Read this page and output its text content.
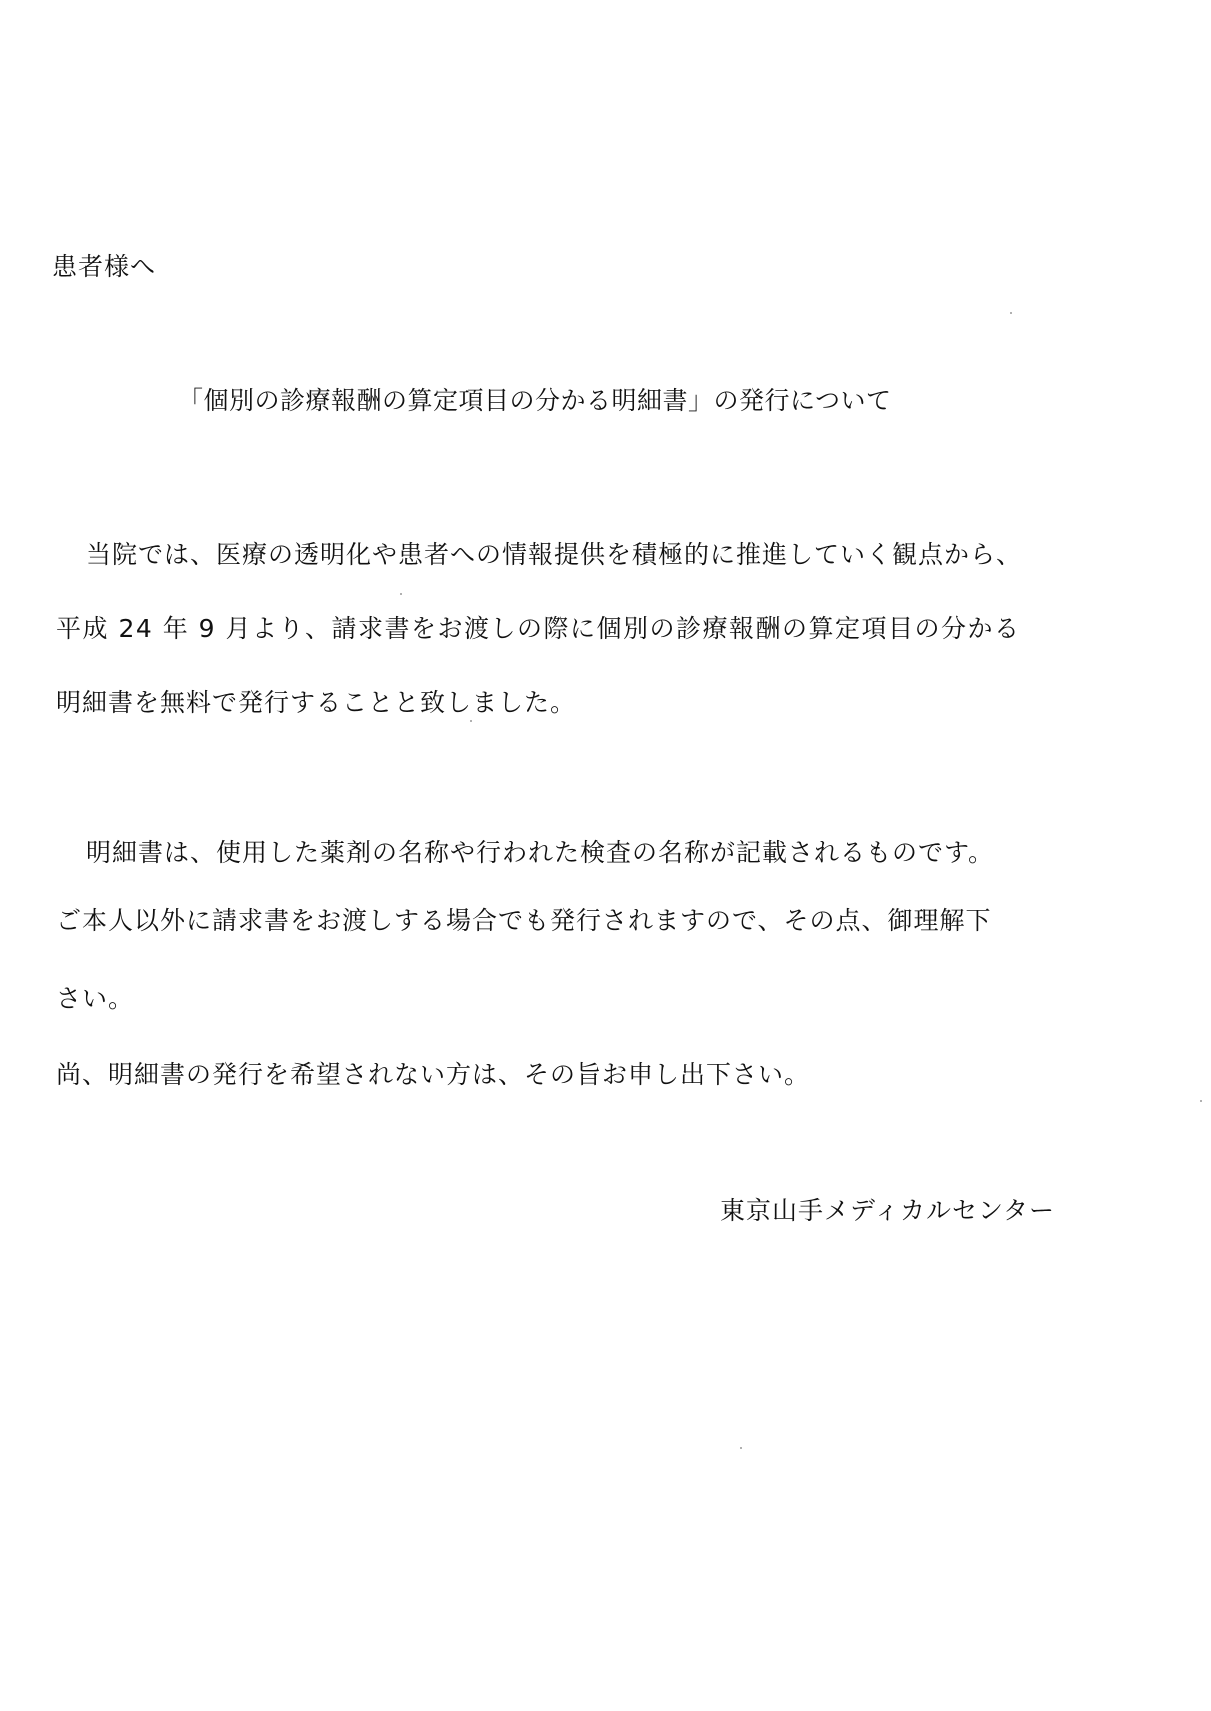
患者様へ
「個別の診療報酬の算定項目の分かる明細書」の発行について
当院では、医療の透明化や患者への情報提供を積極的に推進していく観点から、
平成 24 年 9 月より、請求書をお渡しの際に個別の診療報酬の算定項目の分かる
明細書を無料で発行することと致しました。
明細書は、使用した薬剤の名称や行われた検査の名称が記載されるものです。
ご本人以外に請求書をお渡しする場合でも発行されますので、その点、御理解下
さい。
尚、明細書の発行を希望されない方は、その旨お申し出下さい。
東京山手メディカルセンター
